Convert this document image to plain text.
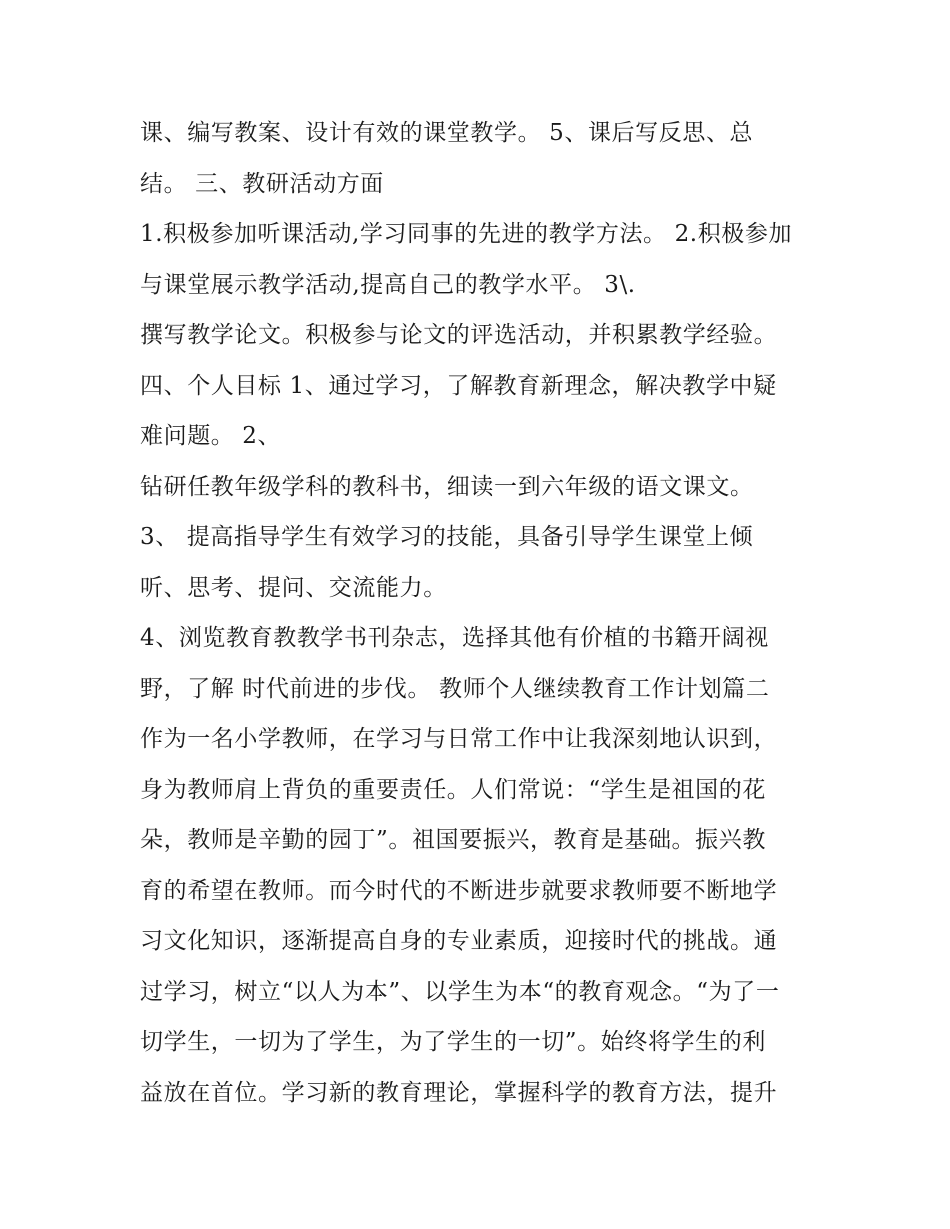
课、编写教案、设计有效的课堂教学。 5、课后写反思、总
结。 三、教研活动方面
1.积极参加听课活动,学习同事的先进的教学方法。 2.积极参加
与课堂展示教学活动,提高自己的教学水平。 3\.
撰写教学论文。积极参与论文的评选活动，并积累教学经验。
四、个人目标 1、通过学习，了解教育新理念，解决教学中疑
难问题。 2、
钻研任教年级学科的教科书，细读一到六年级的语文课文。
3、 提高指导学生有效学习的技能，具备引导学生课堂上倾
听、思考、提问、交流能力。
4、浏览教育教教学书刊杂志，选择其他有价植的书籍开阔视
野，了解 时代前进的步伐。 教师个人继续教育工作计划篇二
作为一名小学教师，在学习与日常工作中让我深刻地认识到，
身为教师肩上背负的重要责任。人们常说：“学生是祖国的花
朵，教师是辛勤的园丁”。祖国要振兴，教育是基础。振兴教
育的希望在教师。而今时代的不断进步就要求教师要不断地学
习文化知识，逐渐提高自身的专业素质，迎接时代的挑战。通
过学习，树立“以人为本”、以学生为本“的教育观念。“为了一
切学生，一切为了学生，为了学生的一切”。始终将学生的利
益放在首位。学习新的教育理论，掌握科学的教育方法，提升
